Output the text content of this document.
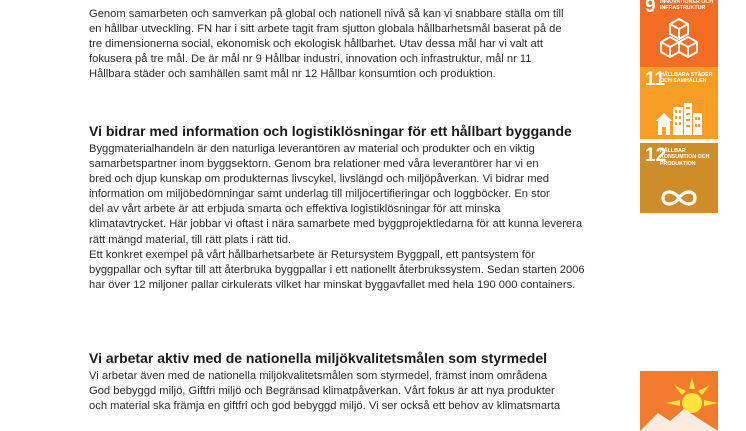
Genom samarbeten och samverkan på global och nationell nivå så kan vi snabbare ställa om till

en hållbar utveckling. FN har i sitt arbete tagit fram sjutton globala hållbarhetsmål baserat på de

tre dimensionerna social, ekonomisk och ekologisk hållbarhet. Utav dessa mål har vi valt att

fokusera på tre mål. De är mål nr 9 Hållbar industri, innovation och infrastruktur, mål nr 11

Hållbara städer och samhällen samt mål nr 12 Hållbar konsumtion och produktion.

Vi bidrar med information och logistiklösningar för ett hållbart byggande

Byggmaterialhandeln är den naturliga leverantören av material och produkter och en viktig

samarbetspartner inom byggsektorn. Genom bra relationer med våra leverantörer har vi en

bred och djup kunskap om produkternas livscykel, livslängd och miljöpåverkan. Vi bidrar med

information om miljöbedömningar samt underlag till miljöcertifieringar och loggböcker. En stor

del av vårt arbete är att erbjuda smarta och effektiva logistiklösningar för att minska

klimatavtrycket. Här jobbar vi oftast i nära samarbete med byggprojektledarna för att kunna leverera

rätt mängd material, till rätt plats i rätt tid.

Ett konkret exempel på vårt hållbarhetsarbete är Retursystem Byggpall, ett pantsystem för

byggpallar och syftar till att återbruka byggpallar i ett nationellt återbrukssystem. Sedan starten 2006

har över 12 miljoner pallar cirkulerats vilket har minskat byggavfallet med hela 190 000 containers.

Vi arbetar aktiv med de nationella miljökvalitetsmålen som styrmedel

Vi arbetar även med de nationella miljökvalitetsmålen som styrmedel, främst inom områdena

God bebyggd miljö, Giftfri miljö och Begränsad klimatpåverkan. Vårt fokus är att nya produkter

och material ska främja en giftfri och god bebyggd miljö. Vi ser också ett behov av klimatsmarta

9 INNOVATIONER OCH INFRASTRUKTUR
11
HÅLLBARA STÄDER OCH SAMHÄLLEN
12
HÅLLBAR KONSUMTION OCH PRODUKTION
